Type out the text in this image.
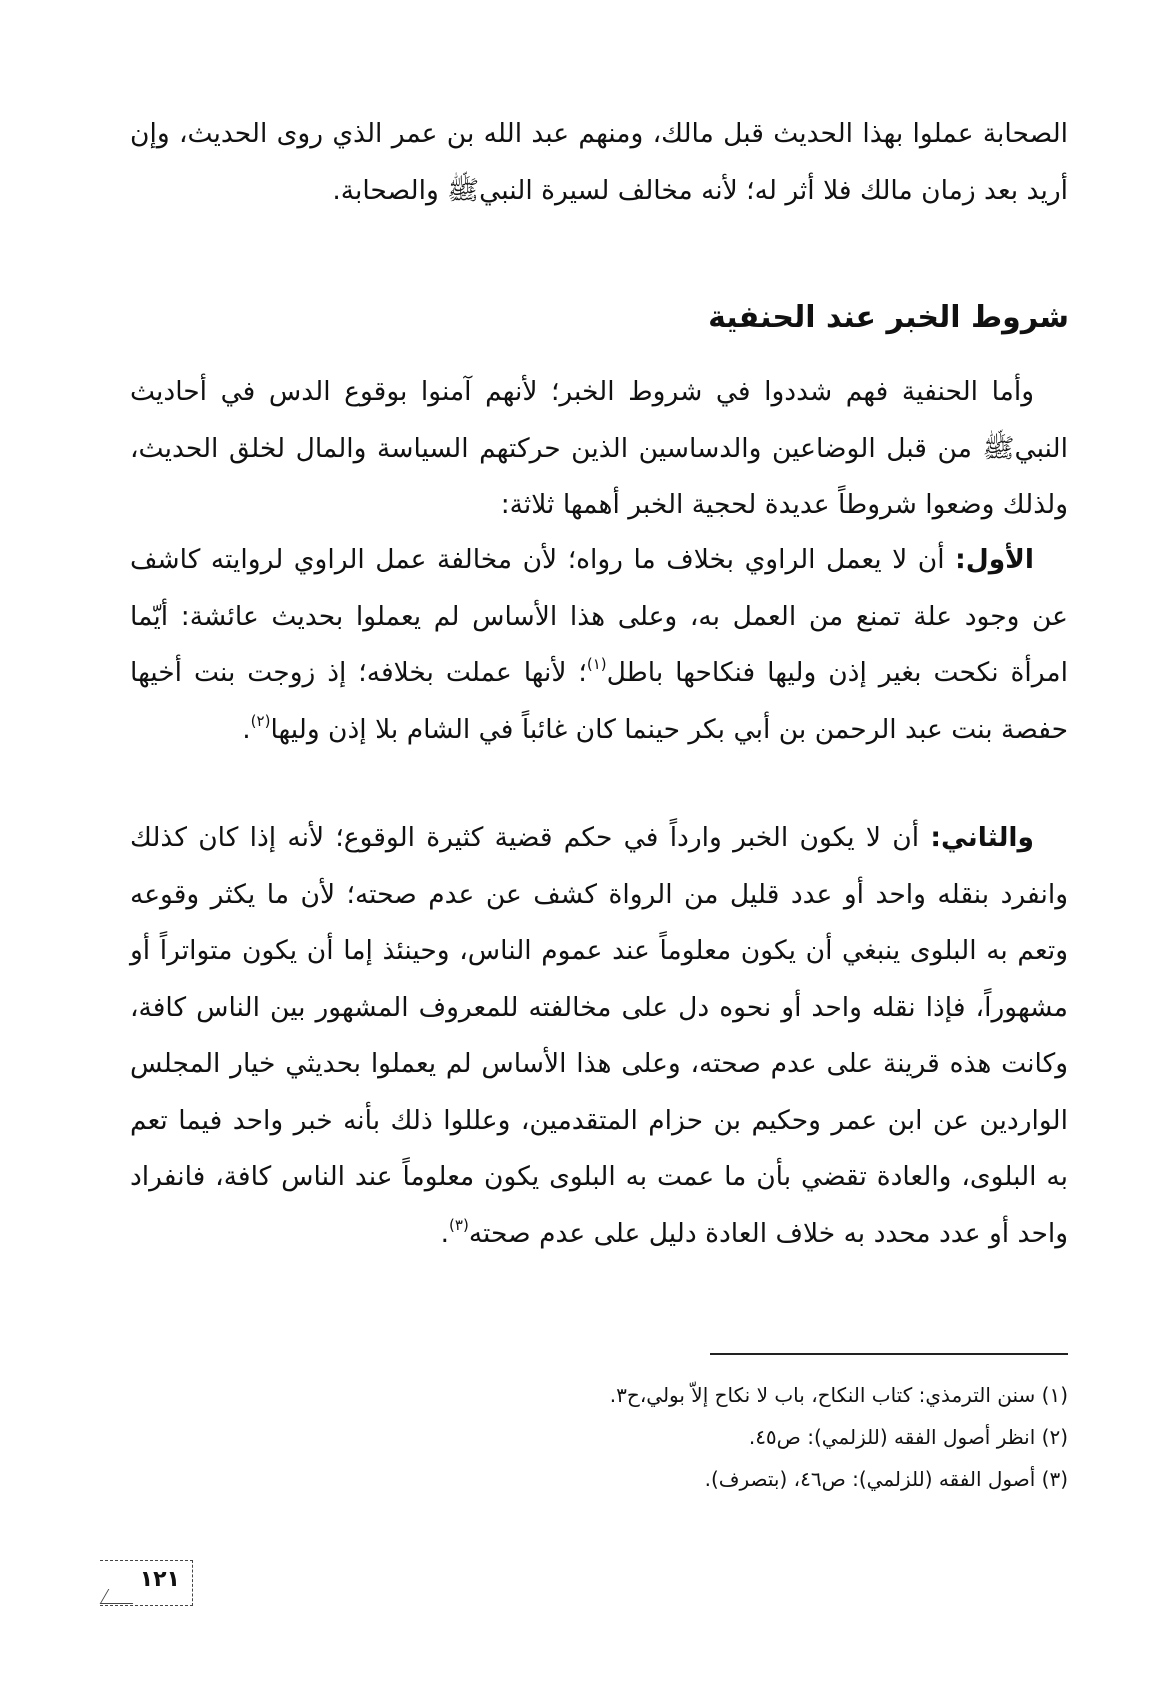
الصحابة عملوا بهذا الحديث قبل مالك، ومنهم عبد الله بن عمر الذي روى الحديث، وإن أريد بعد زمان مالك فلا أثر له؛ لأنه مخالف لسيرة النبيﷺ والصحابة.

شروط الخبر عند الحنفية

وأما الحنفية فهم شددوا في شروط الخبر؛ لأنهم آمنوا بوقوع الدس في أحاديث النبيﷺ من قبل الوضاعين والدساسين الذين حركتهم السياسة والمال لخلق الحديث، ولذلك وضعوا شروطاً عديدة لحجية الخبر أهمها ثلاثة:

الأول: أن لا يعمل الراوي بخلاف ما رواه؛ لأن مخالفة عمل الراوي لروايته كاشف عن وجود علة تمنع من العمل به، وعلى هذا الأساس لم يعملوا بحديث عائشة: أيّما امرأة نكحت بغير إذن وليها فنكاحها باطل$^{(١)}$؛ لأنها عملت بخلافه؛ إذ زوجت بنت أخيها حفصة بنت عبد الرحمن بن أبي بكر حينما كان غائباً في الشام بلا إذن وليها$^{(٢)}$.

والثاني: أن لا يكون الخبر وارداً في حكم قضية كثيرة الوقوع؛ لأنه إذا كان كذلك وانفرد بنقله واحد أو عدد قليل من الرواة كشف عن عدم صحته؛ لأن ما يكثر وقوعه وتعم به البلوى ينبغي أن يكون معلوماً عند عموم الناس، وحينئذ إما أن يكون متواتراً أو مشهوراً، فإذا نقله واحد أو نحوه دل على مخالفته للمعروف المشهور بين الناس كافة، وكانت هذه قرينة على عدم صحته، وعلى هذا الأساس لم يعملوا بحديثي خيار المجلس الواردين عن ابن عمر وحكيم بن حزام المتقدمين، وعللوا ذلك بأنه خبر واحد فيما تعم به البلوى، والعادة تقضي بأن ما عمت به البلوى يكون معلوماً عند الناس كافة، فانفراد واحد أو عدد محدد به خلاف العادة دليل على عدم صحته$^{(٣)}$.

(١) سنن الترمذي: كتاب النكاح، باب لا نكاح إلاّ بولي،ح٣.

(٢) انظر أصول الفقه (للزلمي): ص٤٥.

(٣) أصول الفقه (للزلمي): ص٤٦، (بتصرف).

١٢١
